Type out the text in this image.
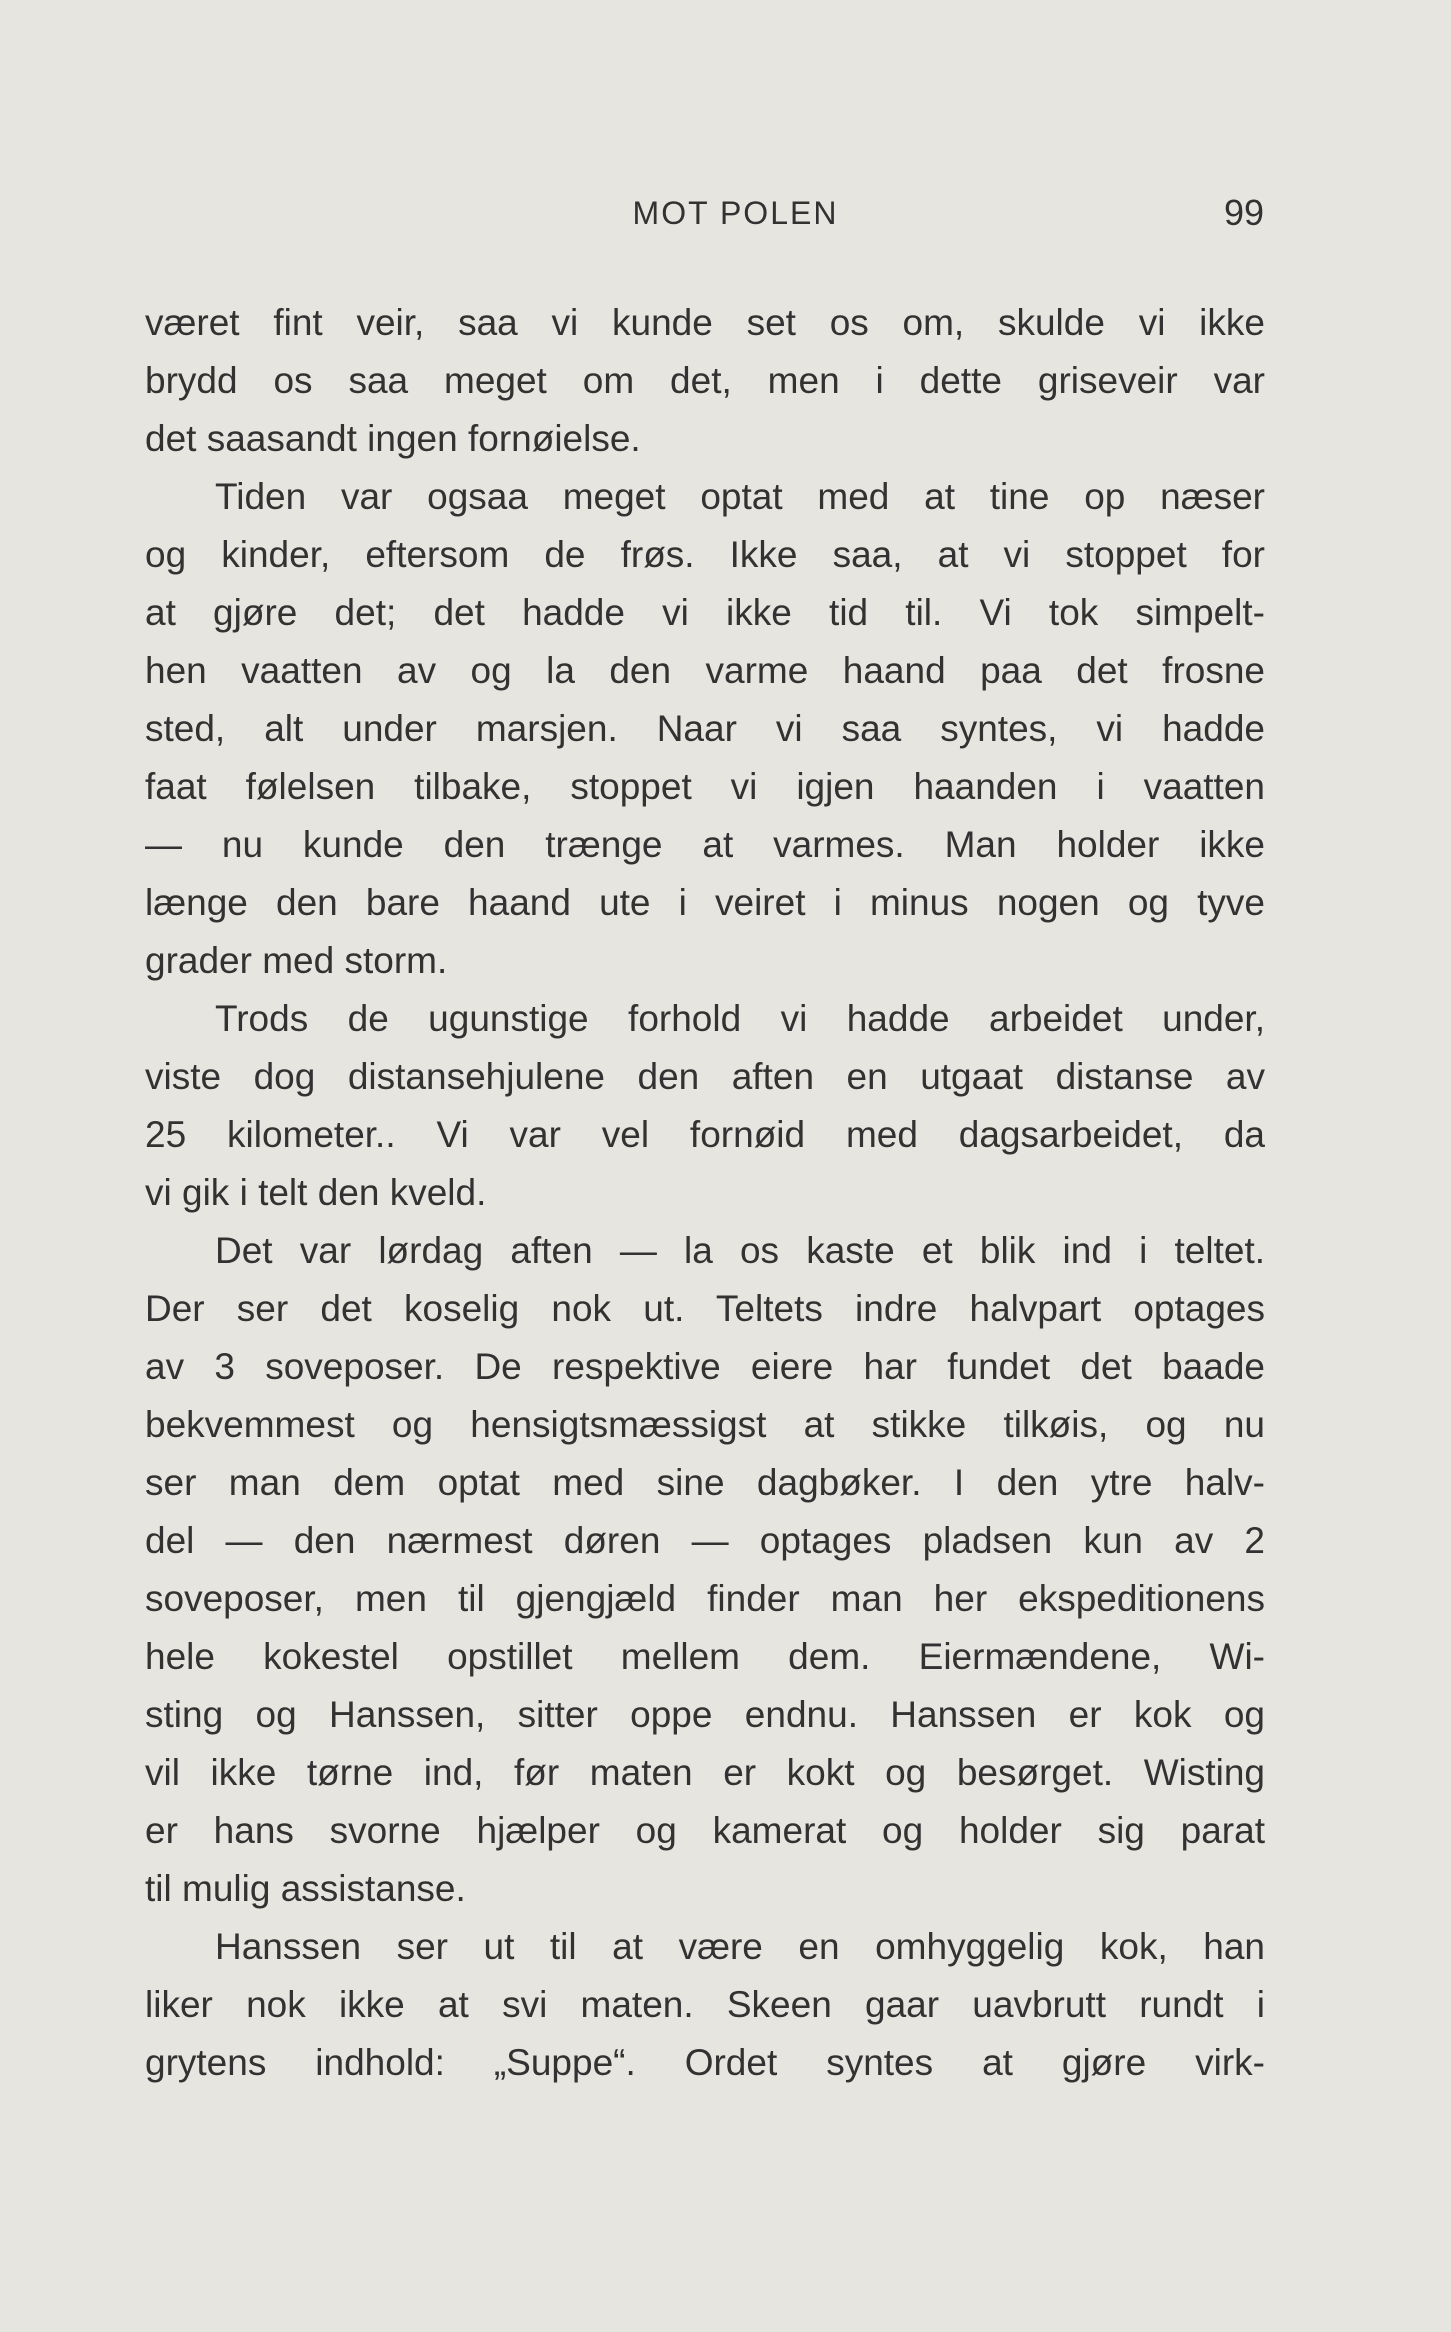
MOT POLEN	99
været fint veir, saa vi kunde set os om, skulde vi ikke
brydd os saa meget om det, men i dette griseveir var
det saasandt ingen fornøielse.
Tiden var ogsaa meget optat med at tine op næser
og kinder, eftersom de frøs. Ikke saa, at vi stoppet for
at gjøre det; det hadde vi ikke tid til. Vi tok simpelt-
hen vaatten av og la den varme haand paa det frosne
sted, alt under marsjen. Naar vi saa syntes, vi hadde
faat følelsen tilbake, stoppet vi igjen haanden i vaatten
— nu kunde den trænge at varmes. Man holder ikke
længe den bare haand ute i veiret i minus nogen og tyve
grader med storm.
Trods de ugunstige forhold vi hadde arbeidet under,
viste dog distansehjulene den aften en utgaat distanse av
25 kilometer.. Vi var vel fornøid med dagsarbeidet, da
vi gik i telt den kveld.
Det var lørdag aften — la os kaste et blik ind i teltet.
Der ser det koselig nok ut. Teltets indre halvpart optages
av 3 soveposer. De respektive eiere har fundet det baade
bekvemmest og hensigtsmæssigst at stikke tilkøis, og nu
ser man dem optat med sine dagbøker. I den ytre halv-
del — den nærmest døren — optages pladsen kun av 2
soveposer, men til gjengjæld finder man her ekspeditionens
hele kokestel opstillet mellem dem. Eiermændene, Wi-
sting og Hanssen, sitter oppe endnu. Hanssen er kok og
vil ikke tørne ind, før maten er kokt og besørget. Wisting
er hans svorne hjælper og kamerat og holder sig parat
til mulig assistanse.
Hanssen ser ut til at være en omhyggelig kok, han
liker nok ikke at svi maten. Skeen gaar uavbrutt rundt i
grytens indhold: „Suppe“. Ordet syntes at gjøre virk-
